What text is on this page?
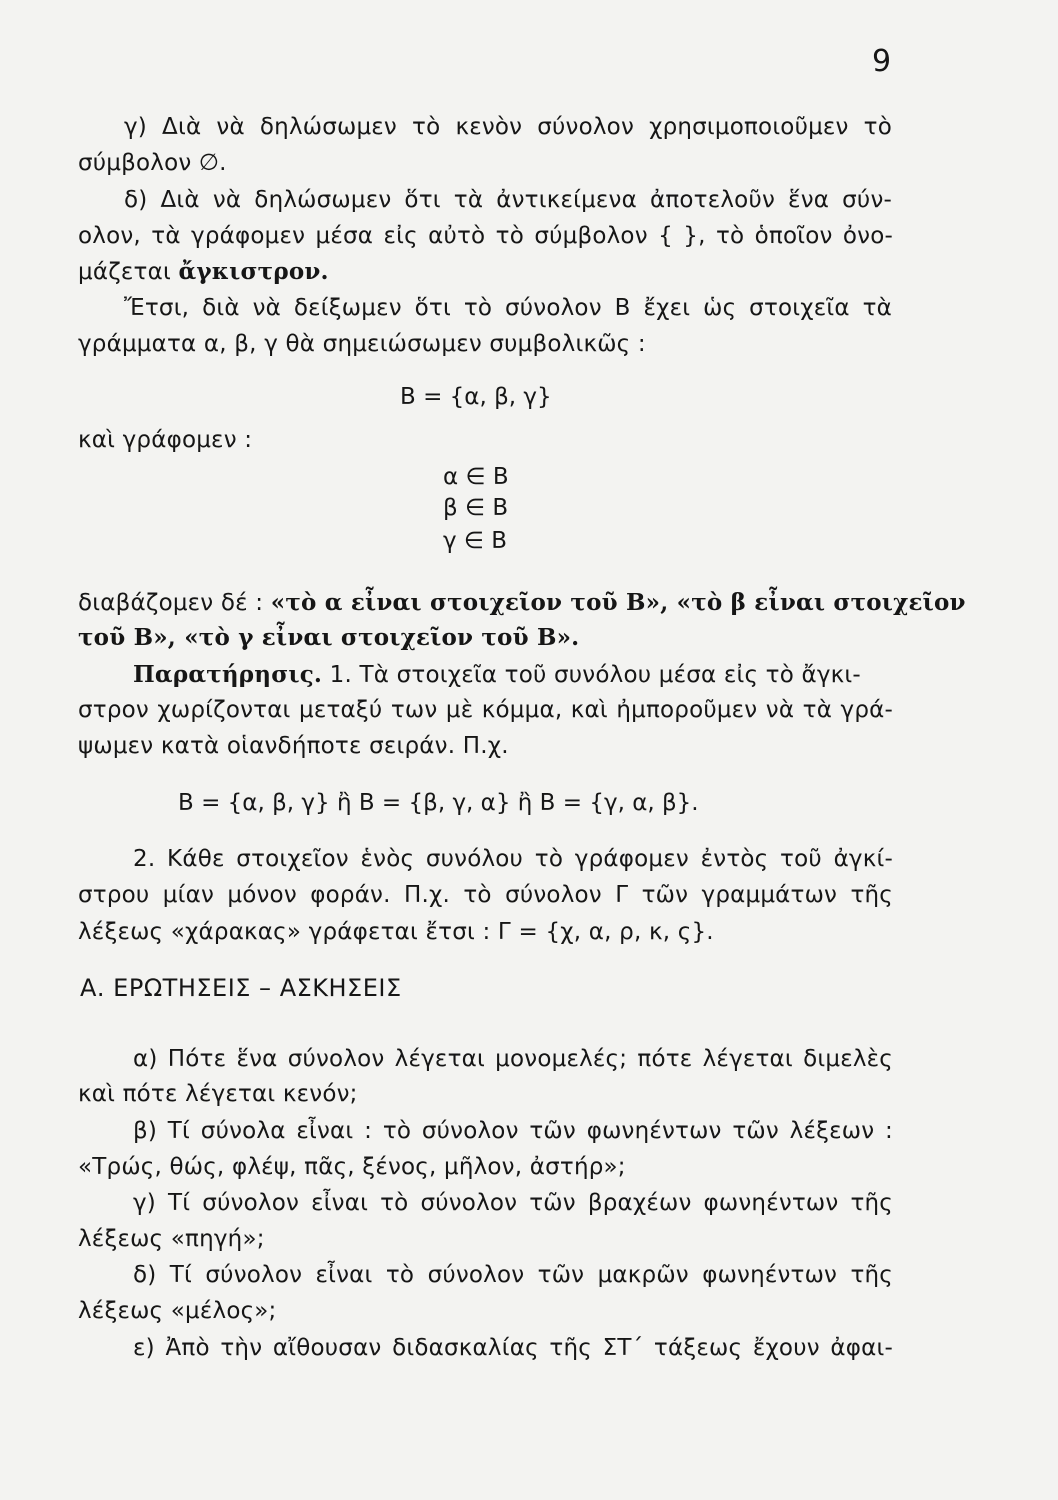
9
γ) Διὰ νὰ δηλώσωμεν τὸ κενὸν σύνολον χρησιμοποιοῦμεν τὸ
σύμβολον ∅.
δ) Διὰ νὰ δηλώσωμεν ὅτι τὰ ἀντικείμενα ἀποτελοῦν ἕνα σύν-
ολον, τὰ γράφομεν μέσα εἰς αὐτὸ τὸ σύμβολον { }, τὸ ὁποῖον ὀνο-
μάζεται ἄγκιστρον.
Ἔτσι, διὰ νὰ δείξωμεν ὅτι τὸ σύνολον Β ἔχει ὡς στοιχεῖα τὰ
γράμματα α, β, γ θὰ σημειώσωμεν συμβολικῶς :
Β = {α, β, γ}
καὶ γράφομεν :
α ∈ Β
β ∈ Β
γ ∈ Β
διαβάζομεν δέ : «τὸ α εἶναι στοιχεῖον τοῦ Β», «τὸ β εἶναι στοιχεῖον
τοῦ Β», «τὸ γ εἶναι στοιχεῖον τοῦ Β».
Παρατήρησις. 1. Τὰ στοιχεῖα τοῦ συνόλου μέσα εἰς τὸ ἄγκι-
στρον χωρίζονται μεταξύ των μὲ κόμμα, καὶ ἠμποροῦμεν νὰ τὰ γρά-
ψωμεν κατὰ οἱανδήποτε σειράν. Π.χ.
Β = {α, β, γ} ἢ Β = {β, γ, α} ἢ Β = {γ, α, β}.
2. Κάθε στοιχεῖον ἑνὸς συνόλου τὸ γράφομεν ἐντὸς τοῦ ἀγκί-
στρου μίαν μόνον φοράν. Π.χ. τὸ σύνολον Γ τῶν γραμμάτων τῆς
λέξεως «χάρακας» γράφεται ἔτσι : Γ = {χ, α, ρ, κ, ς}.
Α. ΕΡΩΤΗΣΕΙΣ – ΑΣΚΗΣΕΙΣ
α) Πότε ἕνα σύνολον λέγεται μονομελές; πότε λέγεται διμελὲς
καὶ πότε λέγεται κενόν;
β) Τί σύνολα εἶναι : τὸ σύνολον τῶν φωνηέντων τῶν λέξεων :
«Τρώς, θώς, φλέψ, πᾶς, ξένος, μῆλον, ἀστήρ»;
γ) Τί σύνολον εἶναι τὸ σύνολον τῶν βραχέων φωνηέντων τῆς
λέξεως «πηγή»;
δ) Τί σύνολον εἶναι τὸ σύνολον τῶν μακρῶν φωνηέντων τῆς
λέξεως «μέλος»;
ε) Ἀπὸ τὴν αἴθουσαν διδασκαλίας τῆς ΣΤ΄ τάξεως ἔχουν ἀφαι-
